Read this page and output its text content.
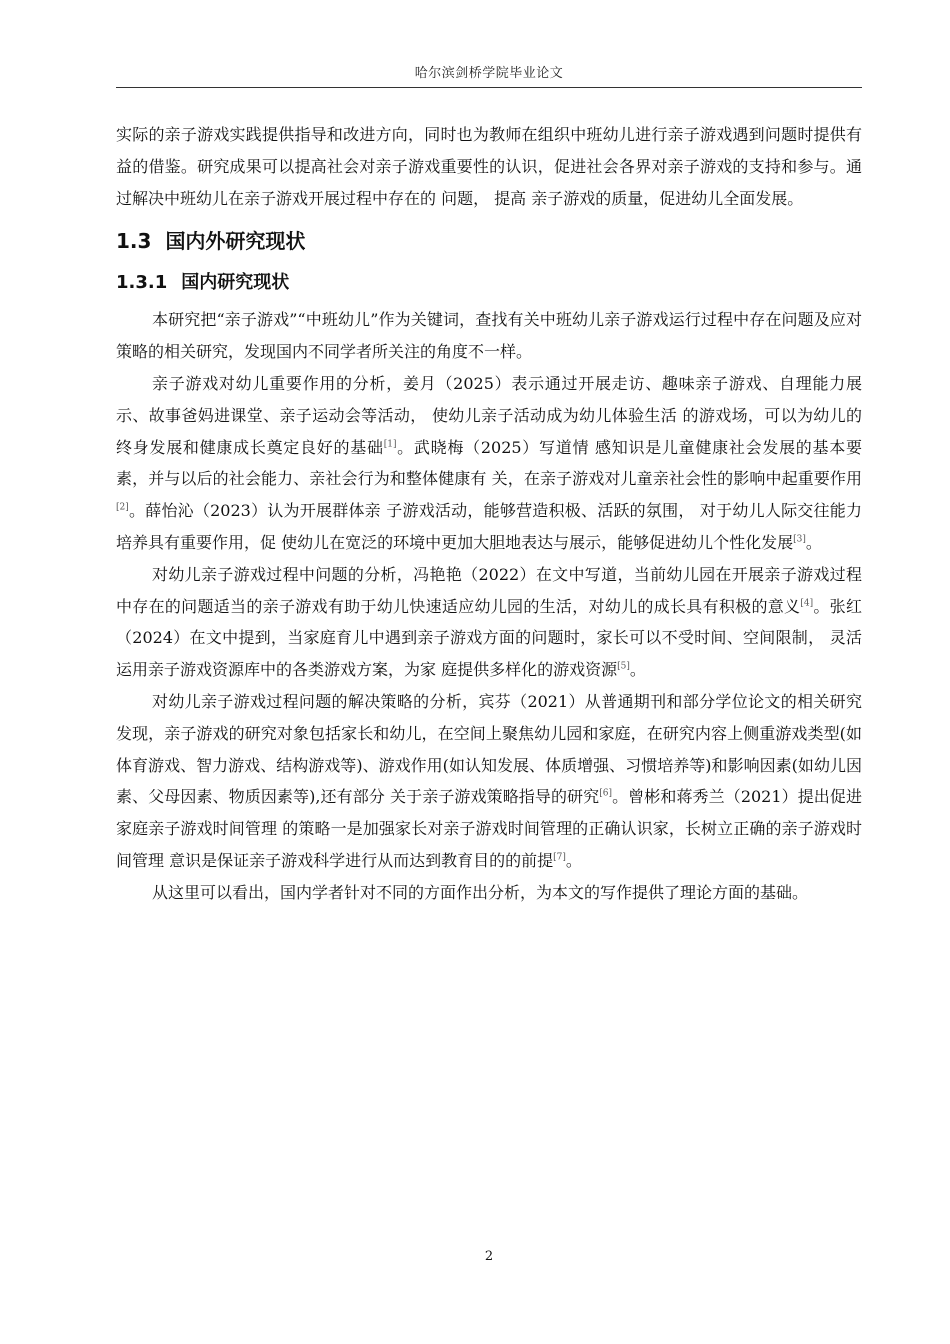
哈尔滨剑桥学院毕业论文

实际的亲子游戏实践提供指导和改进方向，同时也为教师在组织中班幼儿进行亲子游戏遇到问题时提供有益的借鉴。研究成果可以提高社会对亲子游戏重要性的认识，促进社会各界对亲子游戏的支持和参与。通过解决中班幼儿在亲子游戏开展过程中存在的 问题， 提高 亲子游戏的质量，促进幼儿全面发展。

1.3 国内外研究现状
1.3.1 国内研究现状

本研究把“亲子游戏”“中班幼儿”作为关键词，查找有关中班幼儿亲子游戏运行过程中存在问题及应对策略的相关研究，发现国内不同学者所关注的角度不一样。

亲子游戏对幼儿重要作用的分析，姜月（2025）表示通过开展走访、趣味亲子游戏、自理能力展示、故事爸妈进课堂、亲子运动会等活动， 使幼儿亲子活动成为幼儿体验生活 的游戏场，可以为幼儿的终身发展和健康成长奠定良好的基础[1]。武晓梅（2025）写道情 感知识是儿童健康社会发展的基本要素，并与以后的社会能力、亲社会行为和整体健康有 关，在亲子游戏对儿童亲社会性的影响中起重要作用[2]。薛怡沁（2023）认为开展群体亲 子游戏活动，能够营造积极、活跃的氛围， 对于幼儿人际交往能力培养具有重要作用，促 使幼儿在宽泛的环境中更加大胆地表达与展示，能够促进幼儿个性化发展[3]。

对幼儿亲子游戏过程中问题的分析，冯艳艳（2022）在文中写道，当前幼儿园在开展亲子游戏过程中存在的问题适当的亲子游戏有助于幼儿快速适应幼儿园的生活，对幼儿的成长具有积极的意义[4]。张红（2024）在文中提到，当家庭育儿中遇到亲子游戏方面的问题时，家长可以不受时间、空间限制， 灵活运用亲子游戏资源库中的各类游戏方案，为家 庭提供多样化的游戏资源[5]。

对幼儿亲子游戏过程问题的解决策略的分析，宾芬（2021）从普通期刊和部分学位论文的相关研究发现，亲子游戏的研究对象包括家长和幼儿，在空间上聚焦幼儿园和家庭，在研究内容上侧重游戏类型(如体育游戏、智力游戏、结构游戏等)、游戏作用(如认知发展、体质增强、习惯培养等)和影响因素(如幼儿因素、父母因素、物质因素等),还有部分 关于亲子游戏策略指导的研究[6]。曾彬和蒋秀兰（2021）提出促进家庭亲子游戏时间管理 的策略一是加强家长对亲子游戏时间管理的正确认识家，长树立正确的亲子游戏时间管理 意识是保证亲子游戏科学进行从而达到教育目的的前提[7]。

从这里可以看出，国内学者针对不同的方面作出分析，为本文的写作提供了理论方面的基础。

2
